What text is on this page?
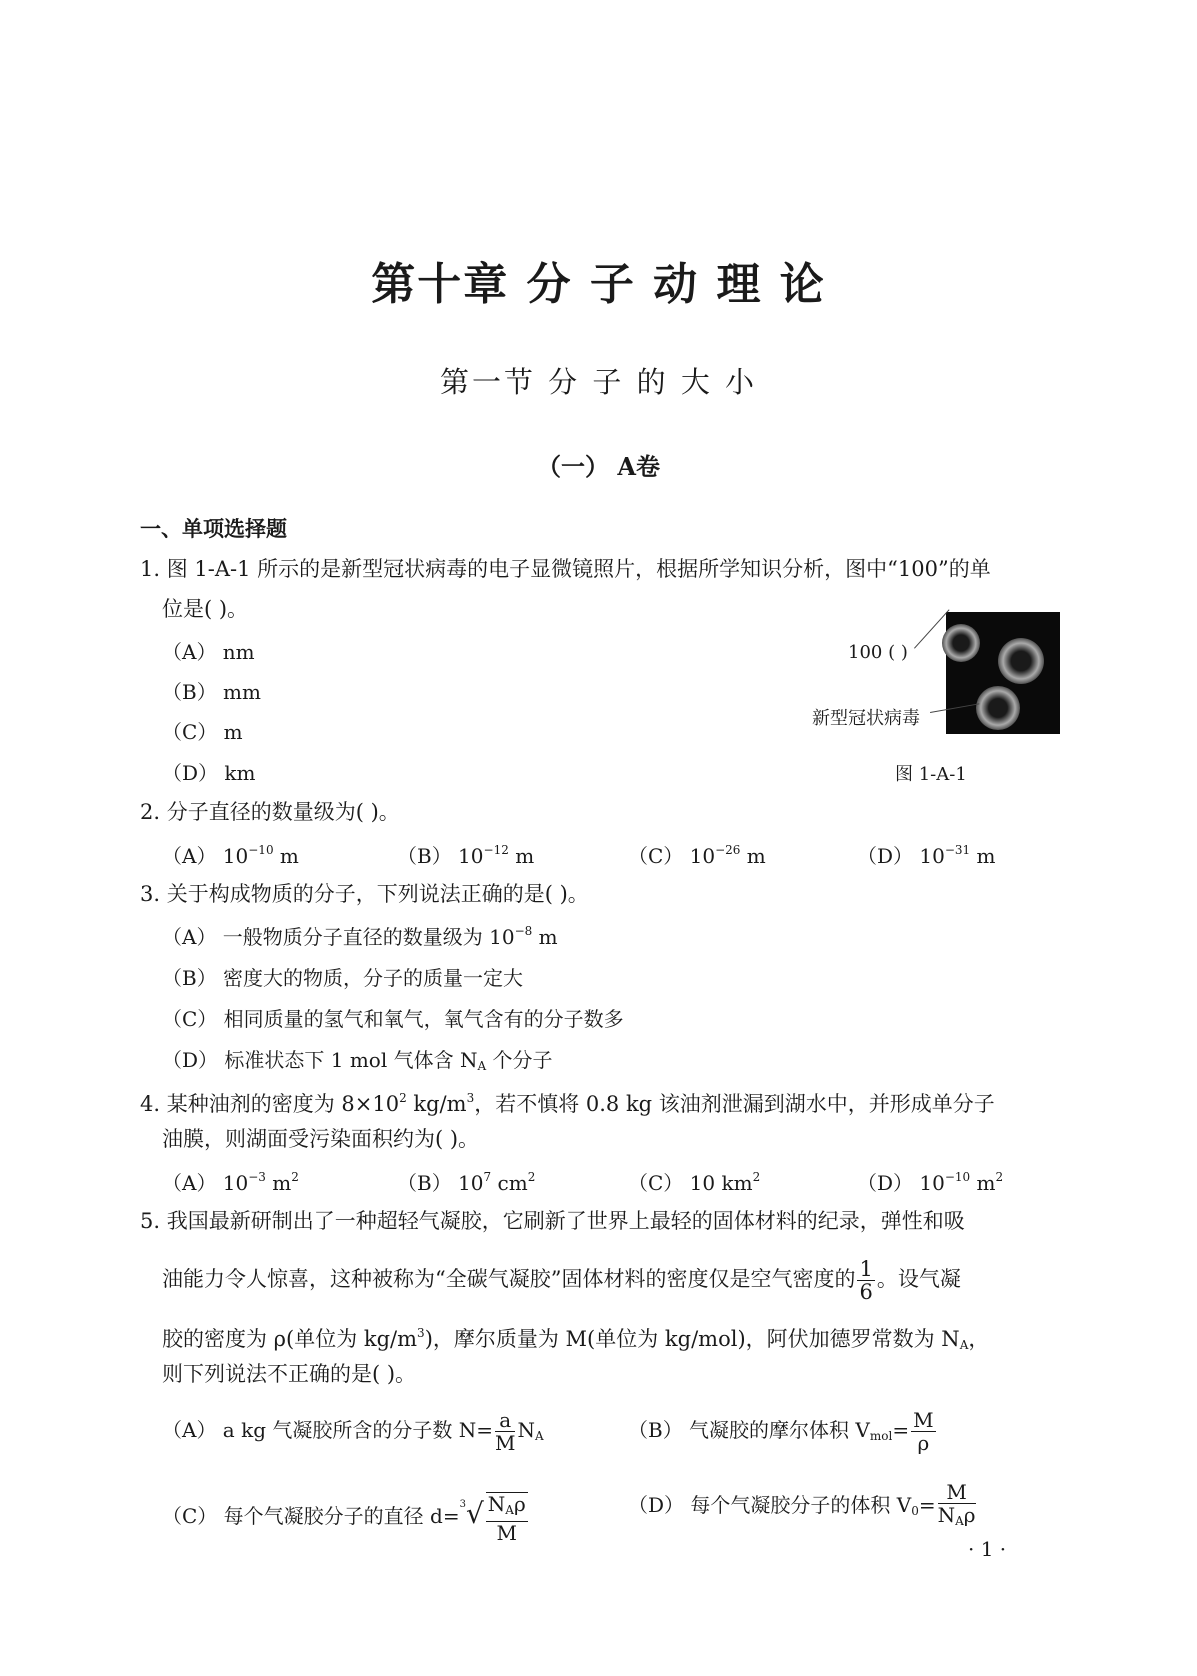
第十章 分 子 动 理 论
第一节 分 子 的 大 小
（一） A卷
一、单项选择题
1. 图 1-A-1 所示的是新型冠状病毒的电子显微镜照片，根据所学知识分析，图中“100”的单
位是( )。
（A） nm
（B） mm
（C） m
（D） km
100 ( )
新型冠状病毒
图 1-A-1
2. 分子直径的数量级为( )。
（A） $10^{-10}$ m	（B） $10^{-12}$ m	（C） $10^{-26}$ m	（D） $10^{-31}$ m
3. 关于构成物质的分子，下列说法正确的是( )。
（A） 一般物质分子直径的数量级为 $10^{-8}$ m
（B） 密度大的物质，分子的质量一定大
（C） 相同质量的氢气和氧气，氧气含有的分子数多
（D） 标准状态下 1 mol 气体含 $N_A$ 个分子
4. 某种油剂的密度为 $8\times 10^2$ $kg/m^3$，若不慎将 0.8 kg 该油剂泄漏到湖水中，并形成单分子
油膜，则湖面受污染面积约为( )。
（A） $10^{-3}$ $m^2$	（B） $10^7$ $cm^2$	（C） 10 $km^2$	（D） $10^{-10}$ $m^2$
5. 我国最新研制出了一种超轻气凝胶，它刷新了世界上最轻的固体材料的纪录，弹性和吸
油能力令人惊喜，这种被称为“全碳气凝胶”固体材料的密度仅是空气密度的 $\frac{1}{6}$ 。设气凝
胶的密度为 ρ(单位为 $kg/m^3$)，摩尔质量为 M(单位为 kg/mol)，阿伏加德罗常数为 $N_A$，
则下列说法不正确的是( )。
（A） a kg 气凝胶所含的分子数 $N= \frac{a}{M} N_A$	（B） 气凝胶的摩尔体积 $V_{mol}= \frac{M}{\rho}$
（C） 每个气凝胶分子的直径 $d=^3√ \frac{N_A\rho}{M}$	（D） 每个气凝胶分子的体积 $V_0= \frac{M}{N_A\rho}$
· 1 ·
